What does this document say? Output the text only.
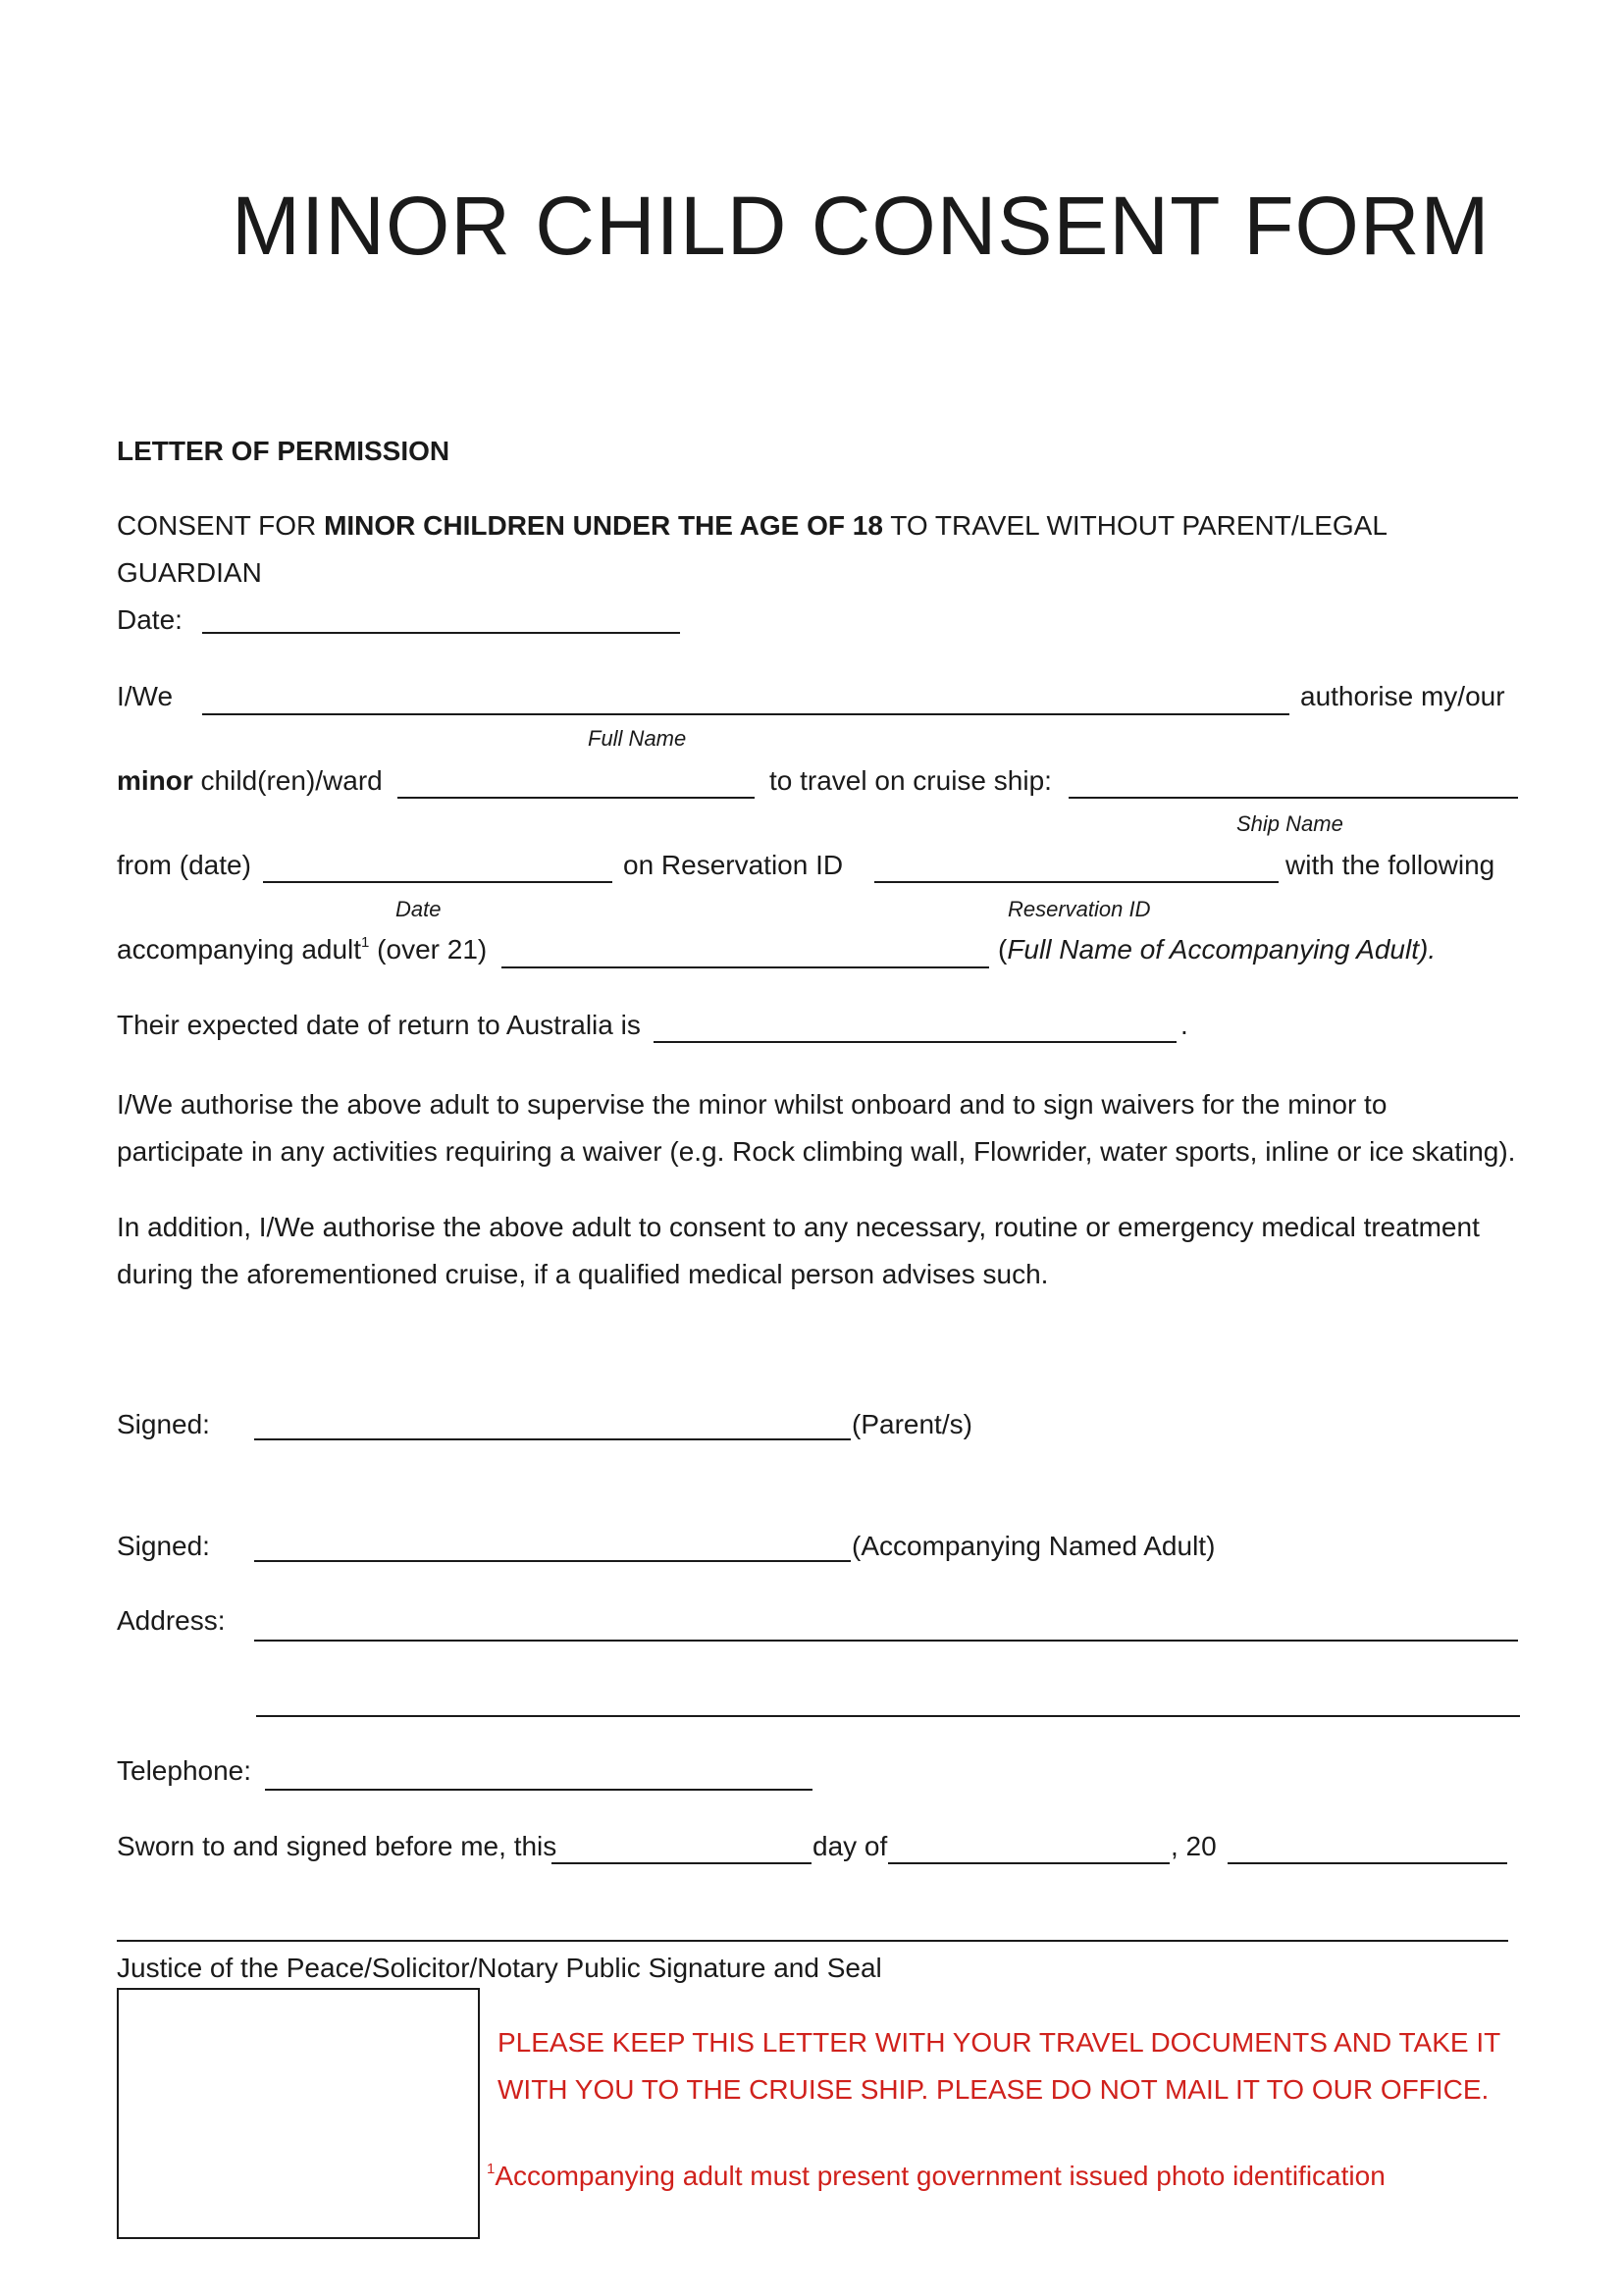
MINOR CHILD CONSENT FORM
LETTER OF PERMISSION
CONSENT FOR MINOR CHILDREN UNDER THE AGE OF 18 TO TRAVEL WITHOUT PARENT/LEGAL
GUARDIAN
Date:
I/We	authorise my/our
Full Name
minor child(ren)/ward	to travel on cruise ship:
Ship Name
from (date)	on Reservation ID	with the following
Date	Reservation ID
accompanying adult$^1$ (over 21)	(Full Name of Accompanying Adult).
Their expected date of return to Australia is	.
I/We authorise the above adult to supervise the minor whilst onboard and to sign waivers for the minor to
participate in any activities requiring a waiver (e.g. Rock climbing wall, Flowrider, water sports, inline or ice skating).
In addition, I/We authorise the above adult to consent to any necessary, routine or emergency medical treatment
during the aforementioned cruise, if a qualified medical person advises such.
Signed:	(Parent/s)
Signed:	(Accompanying Named Adult)
Address:
Telephone:
Sworn to and signed before me, this	day of	, 20
Justice of the Peace/Solicitor/Notary Public Signature and Seal
PLEASE KEEP THIS LETTER WITH YOUR TRAVEL DOCUMENTS AND TAKE IT
WITH YOU TO THE CRUISE SHIP. PLEASE DO NOT MAIL IT TO OUR OFFICE.
$^1$Accompanying adult must present government issued photo identification
